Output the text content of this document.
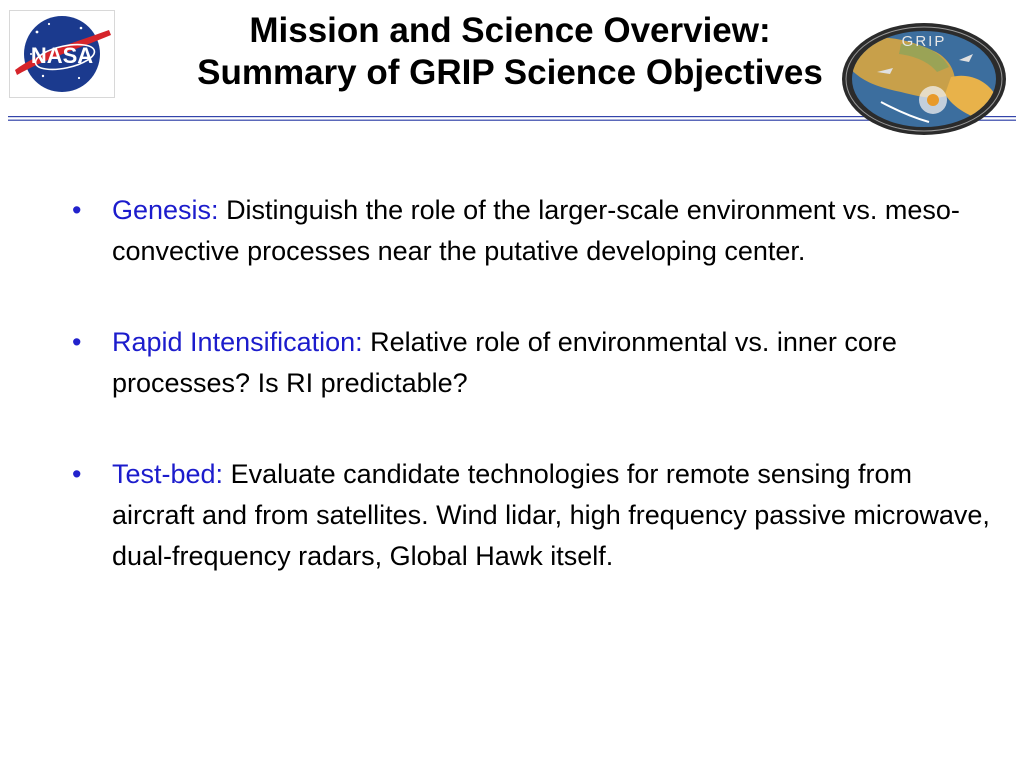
NASA
Mission and Science Overview:
Summary of GRIP Science Objectives
GRIP
• Genesis: Distinguish the role of the larger-scale environment vs. meso-convective processes near the putative developing center.
• Rapid Intensification: Relative role of environmental vs. inner core processes? Is RI predictable?
• Test-bed: Evaluate candidate technologies for remote sensing from aircraft and from satellites. Wind lidar, high frequency passive microwave, dual-frequency radars, Global Hawk itself.
